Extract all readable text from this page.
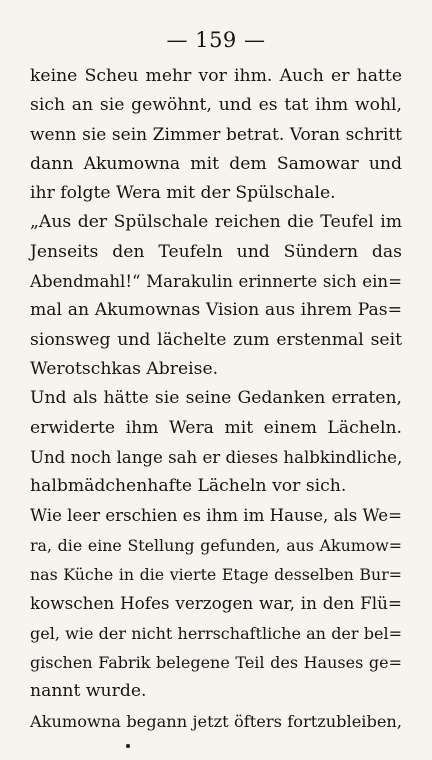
— 159 —
keine Scheu mehr vor ihm. Auch er hatte
sich an sie gewöhnt, und es tat ihm wohl,
wenn sie sein Zimmer betrat. Voran schritt
dann Akumowna mit dem Samowar und
ihr folgte Wera mit der Spülschale.
„Aus der Spülschale reichen die Teufel im
Jenseits den Teufeln und Sündern das
Abendmahl!“ Marakulin erinnerte sich ein=
mal an Akumownas Vision aus ihrem Pas=
sionsweg und lächelte zum erstenmal seit
Werotschkas Abreise.
Und als hätte sie seine Gedanken erraten,
erwiderte ihm Wera mit einem Lächeln.
Und noch lange sah er dieses halbkindliche,
halbmädchenhafte Lächeln vor sich.
Wie leer erschien es ihm im Hause, als We=
ra, die eine Stellung gefunden, aus Akumow=
nas Küche in die vierte Etage desselben Bur=
kowschen Hofes verzogen war, in den Flü=
gel, wie der nicht herrschaftliche an der bel=
gischen Fabrik belegene Teil des Hauses ge=
nannt wurde.
Akumowna begann jetzt öfters fortzubleiben,
